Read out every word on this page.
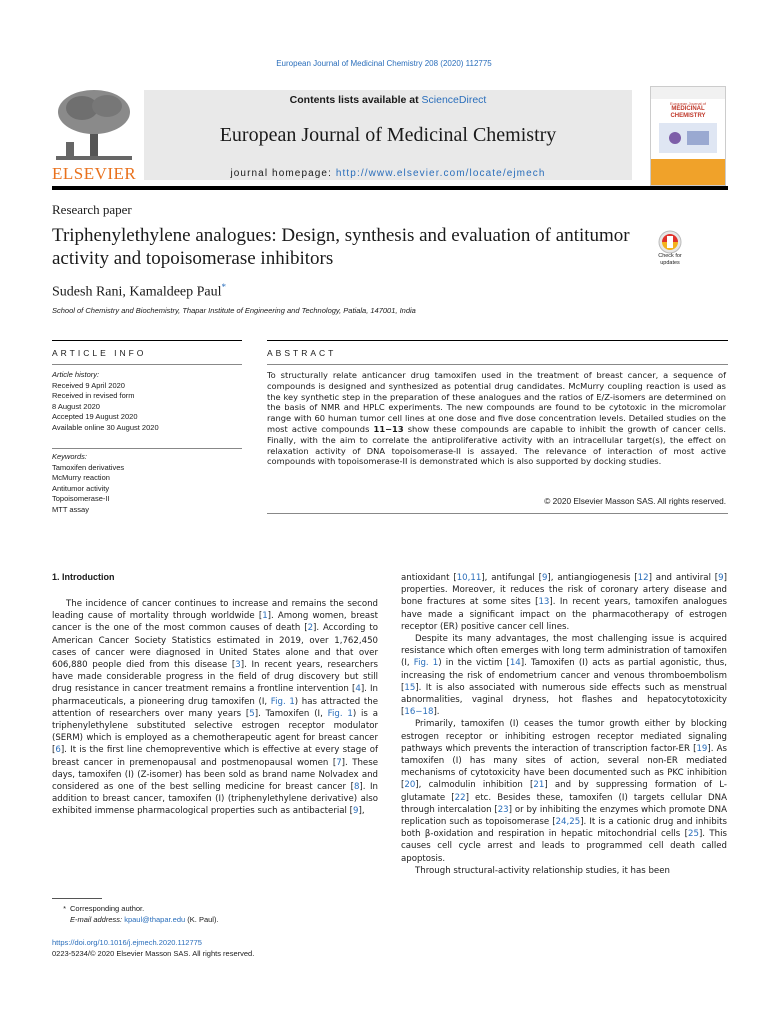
European Journal of Medicinal Chemistry 208 (2020) 112775
ELSEVIER
Contents lists available at ScienceDirect
European Journal of Medicinal Chemistry
journal homepage: http://www.elsevier.com/locate/ejmech
European Journal of
MEDICINAL
CHEMISTRY
Research paper
Triphenylethylene analogues: Design, synthesis and evaluation of antitumor activity and topoisomerase inhibitors	Check for
updates
Sudesh Rani, Kamaldeep Paul*
School of Chemistry and Biochemistry, Thapar Institute of Engineering and Technology, Patiala, 147001, India
ARTICLE INFO	ABSTRACT
Article history:
Received 9 April 2020
Received in revised form
8 August 2020
Accepted 19 August 2020
Available online 30 August 2020
Keywords:
Tamoxifen derivatives
McMurry reaction
Antitumor activity
Topoisomerase-II
MTT assay
To structurally relate anticancer drug tamoxifen used in the treatment of breast cancer, a sequence of compounds is designed and synthesized as potential drug candidates. McMurry coupling reaction is used as the key synthetic step in the preparation of these analogues and the ratios of E/Z-isomers are determined on the basis of NMR and HPLC experiments. The new compounds are found to be cytotoxic in the micromolar range with 60 human tumor cell lines at one dose and five dose concentration levels. Detailed studies on the most active compounds 11−13 show these compounds are capable to inhibit the growth of cancer cells. Finally, with the aim to correlate the antiproliferative activity with an intracellular target(s), the effect on relaxation activity of DNA topoisomerase-II is assayed. The relevance of interaction of most active compounds with topoisomerase-II is demonstrated which is also supported by docking studies.
© 2020 Elsevier Masson SAS. All rights reserved.
1. Introduction

The incidence of cancer continues to increase and remains the second leading cause of mortality through worldwide [1]. Among women, breast cancer is the one of the most common causes of death [2]. According to American Cancer Society Statistics estimated in 2019, over 1,762,450 cases of cancer were diagnosed in United States alone and that over 606,880 people died from this disease [3]. In recent years, researchers have made considerable progress in the field of drug discovery but still drug resistance in cancer treatment remains a frontline intervention [4]. In pharmaceuticals, a pioneering drug tamoxifen (I, Fig. 1) has attracted the attention of researchers over many years [5]. Tamoxifen (I, Fig. 1) is a triphenylethylene substituted selective estrogen receptor modulator (SERM) which is employed as a chemotherapeutic agent for breast cancer [6]. It is the first line chemopreventive which is effective at every stage of breast cancer in premenopausal and postmenopausal women [7]. These days, tamoxifen (I) (Z-isomer) has been sold as brand name Nolvadex and considered as one of the best selling medicine for breast cancer [8]. In addition to breast cancer, tamoxifen (I) (triphenylethylene derivative) also exhibited immense pharmacological properties such as antibacterial [9],

antioxidant [10,11], antifungal [9], antiangiogenesis [12] and antiviral [9] properties. Moreover, it reduces the risk of coronary artery disease and bone fractures at some sites [13]. In recent years, tamoxifen analogues have made a significant impact on the pharmacotherapy of estrogen receptor (ER) positive cancer cell lines.

Despite its many advantages, the most challenging issue is acquired resistance which often emerges with long term administration of tamoxifen (I, Fig. 1) in the victim [14]. Tamoxifen (I) acts as partial agonistic, thus, increasing the risk of endometrium cancer and venous thromboembolism [15]. It is also associated with numerous side effects such as menstrual abnormalities, vaginal dryness, hot flashes and hepatocytotoxicity [16−18].

Primarily, tamoxifen (I) ceases the tumor growth either by blocking estrogen receptor or inhibiting estrogen receptor mediated signaling pathways which prevents the interaction of transcription factor-ER [19]. As tamoxifen (I) has many sites of action, several non-ER mediated mechanisms of cytotoxicity have been documented such as PKC inhibition [20], calmodulin inhibition [21] and by suppressing formation of L-glutamate [22] etc. Besides these, tamoxifen (I) targets cellular DNA through intercalation [23] or by inhibiting the enzymes which promote DNA replication such as topoisomerase [24,25]. It is a cationic drug and inhibits both β-oxidation and respiration in hepatic mitochondrial cells [25]. This causes cell cycle arrest and leads to programmed cell death called apoptosis.

Through structural-activity relationship studies, it has been

* Corresponding author.
E-mail address: kpaul@thapar.edu (K. Paul).
https://doi.org/10.1016/j.ejmech.2020.112775
0223-5234/© 2020 Elsevier Masson SAS. All rights reserved.
